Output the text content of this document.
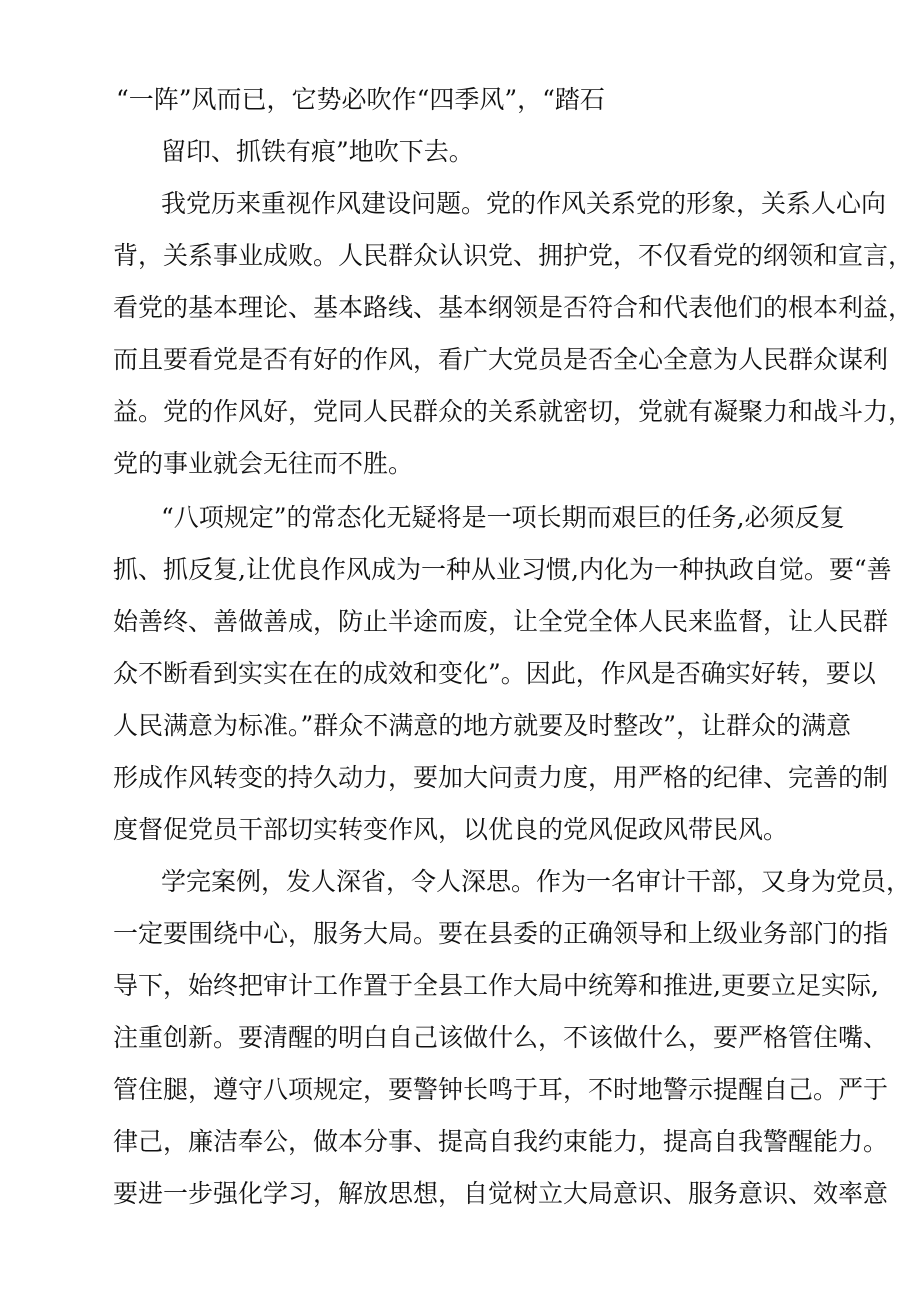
“一阵”风而已，它势必吹作“四季风”，“踏石
留印、抓铁有痕”地吹下去。
我党历来重视作风建设问题。党的作风关系党的形象，关系人心向
背，关系事业成败。人民群众认识党、拥护党，不仅看党的纲领和宣言，
看党的基本理论、基本路线、基本纲领是否符合和代表他们的根本利益，
而且要看党是否有好的作风，看广大党员是否全心全意为人民群众谋利
益。党的作风好，党同人民群众的关系就密切，党就有凝聚力和战斗力，
党的事业就会无往而不胜。
“八项规定”的常态化无疑将是一项长期而艰巨的任务,必须反复
抓、抓反复,让优良作风成为一种从业习惯,内化为一种执政自觉。要“善
始善终、善做善成，防止半途而废，让全党全体人民来监督，让人民群
众不断看到实实在在的成效和变化”。因此，作风是否确实好转，要以
人民满意为标准。”群众不满意的地方就要及时整改”，让群众的满意
形成作风转变的持久动力，要加大问责力度，用严格的纪律、完善的制
度督促党员干部切实转变作风，以优良的党风促政风带民风。
学完案例，发人深省，令人深思。作为一名审计干部，又身为党员，
一定要围绕中心，服务大局。要在县委的正确领导和上级业务部门的指
导下，始终把审计工作置于全县工作大局中统筹和推进,更要立足实际,
注重创新。要清醒的明白自己该做什么，不该做什么，要严格管住嘴、
管住腿，遵守八项规定，要警钟长鸣于耳，不时地警示提醒自己。严于
律己，廉洁奉公，做本分事、提高自我约束能力，提高自我警醒能力。
要进一步强化学习，解放思想，自觉树立大局意识、服务意识、效率意
